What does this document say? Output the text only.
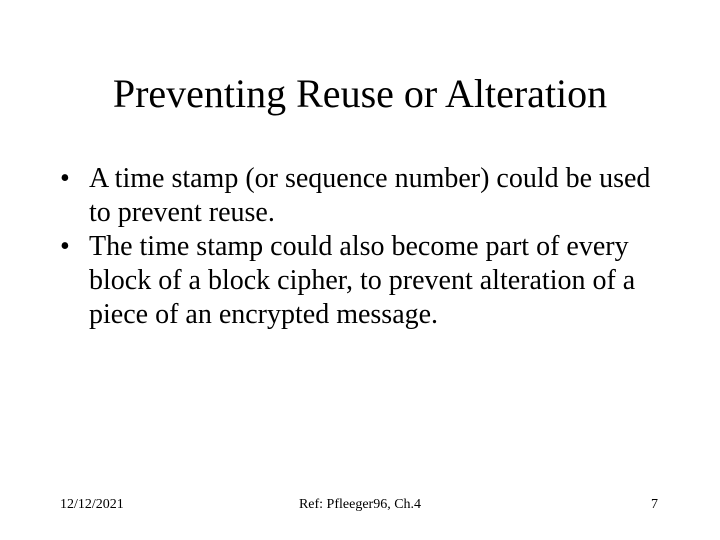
Preventing Reuse or Alteration
• A time stamp (or sequence number) could be used to prevent reuse.
• The time stamp could also become part of every block of a block cipher, to prevent alteration of a piece of an encrypted message.
12/12/2021	Ref: Pfleeger96, Ch.4	7
